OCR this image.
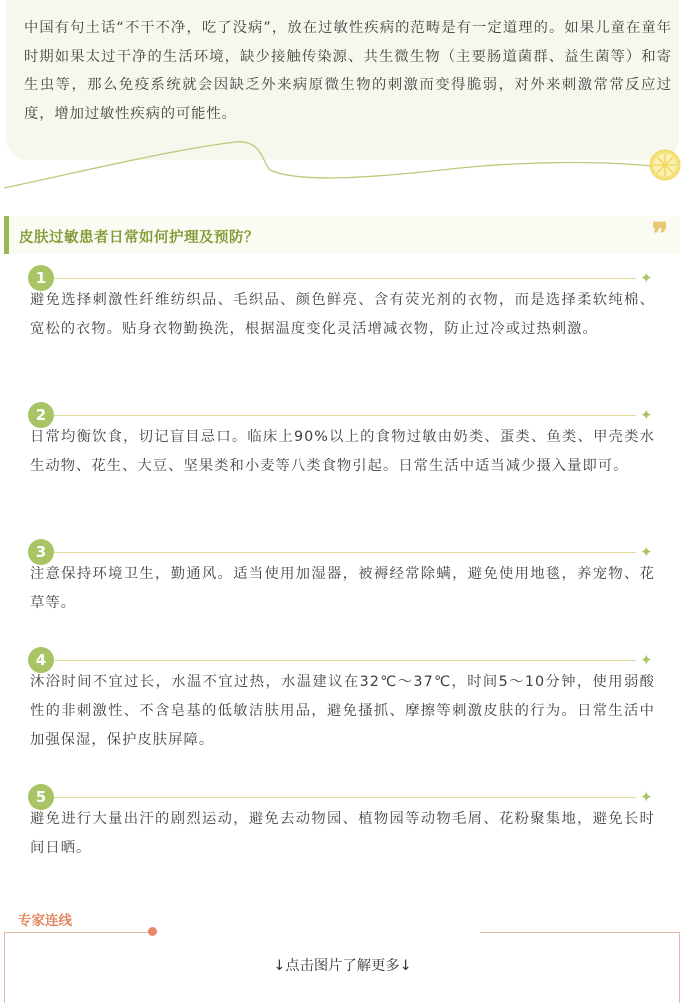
中国有句土话“不干不净，吃了没病”，放在过敏性疾病的范畴是有一定道理的。如果儿童在童年时期如果太过干净的生活环境，缺少接触传染源、共生微生物（主要肠道菌群、益生菌等）和寄生虫等，那么免疫系统就会因缺乏外来病原微生物的刺激而变得脆弱，对外来刺激常常反应过度，增加过敏性疾病的可能性。

皮肤过敏患者日常如何护理及预防？	❞
1	✦

避免选择刺激性纤维纺织品、毛织品、颜色鲜亮、含有荧光剂的衣物，而是选择柔软纯棉、宽松的衣物。贴身衣物勤换洗，根据温度变化灵活增减衣物，防止过冷或过热刺激。

2	✦

日常均衡饮食，切记盲目忌口。临床上90%以上的食物过敏由奶类、蛋类、鱼类、甲壳类水生动物、花生、大豆、坚果类和小麦等八类食物引起。日常生活中适当减少摄入量即可。

3	✦

注意保持环境卫生，勤通风。适当使用加湿器，被褥经常除螨，避免使用地毯，养宠物、花草等。

4	✦

沐浴时间不宜过长，水温不宜过热，水温建议在32℃～37℃，时间5～10分钟，使用弱酸性的非刺激性、不含皂基的低敏洁肤用品，避免搔抓、摩擦等刺激皮肤的行为。日常生活中加强保湿，保护皮肤屏障。

5	✦

避免进行大量出汗的剧烈运动，避免去动物园、植物园等动物毛屑、花粉聚集地，避免长时间日晒。

专家连线
↓点击图片了解更多↓
